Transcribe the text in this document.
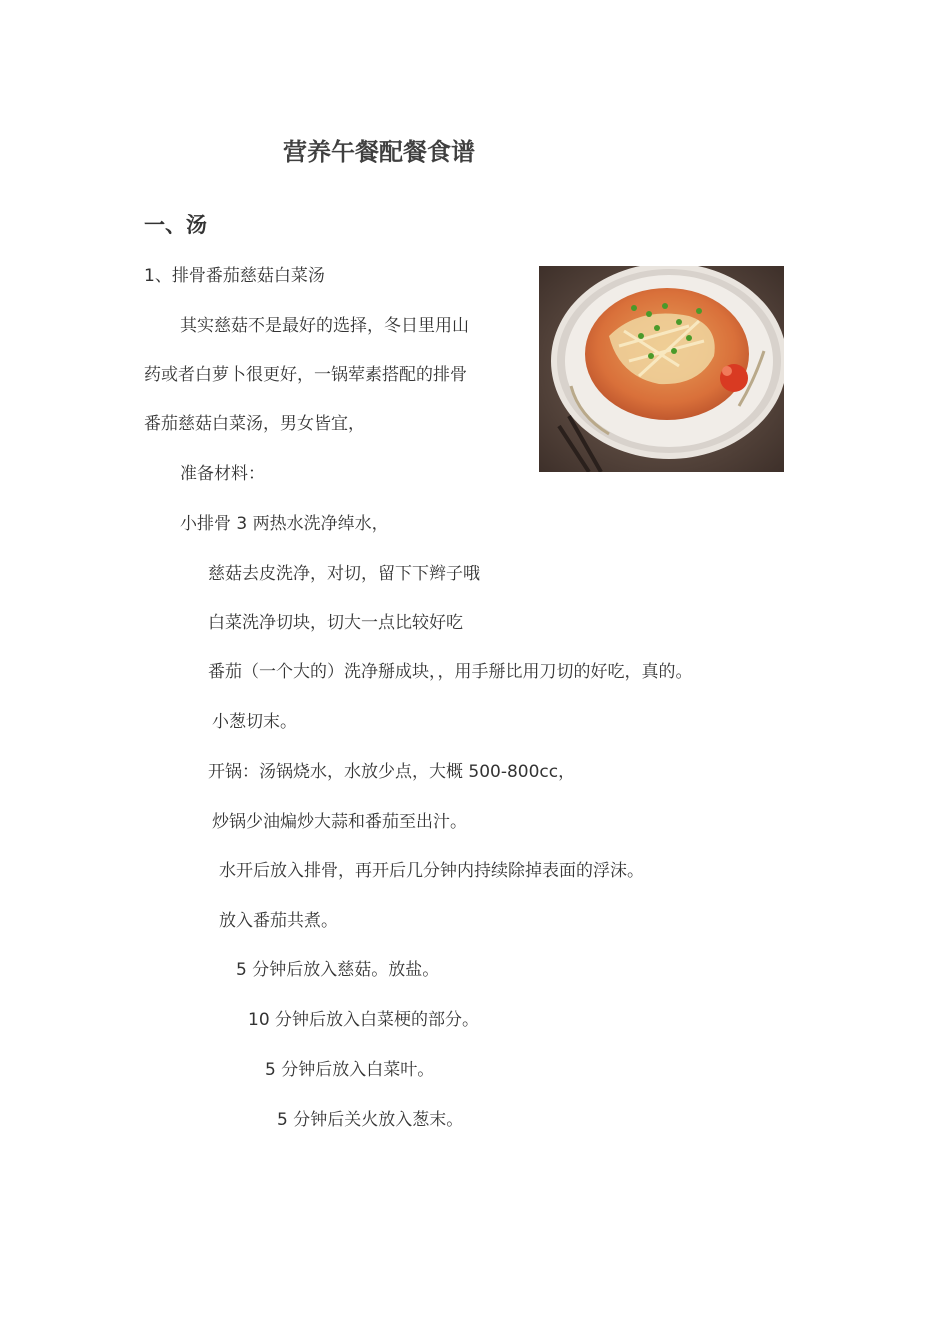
营养午餐配餐食谱
一、汤
1、排骨番茄慈菇白菜汤
其实慈菇不是最好的选择，冬日里用山
药或者白萝卜很更好，一锅荤素搭配的排骨
番茄慈菇白菜汤，男女皆宜，
准备材料：
小排骨 3 两热水洗净绰水，
慈菇去皮洗净，对切，留下下辫子哦
白菜洗净切块，切大一点比较好吃
番茄（一个大的）洗净掰成块，，用手掰比用刀切的好吃，真的。
小葱切末。
开锅：汤锅烧水，水放少点，大概 500-800cc，
炒锅少油煸炒大蒜和番茄至出汁。
水开后放入排骨，再开后几分钟内持续除掉表面的浮沫。
放入番茄共煮。
5 分钟后放入慈菇。放盐。
10 分钟后放入白菜梗的部分。
5 分钟后放入白菜叶。
5 分钟后关火放入葱末。
